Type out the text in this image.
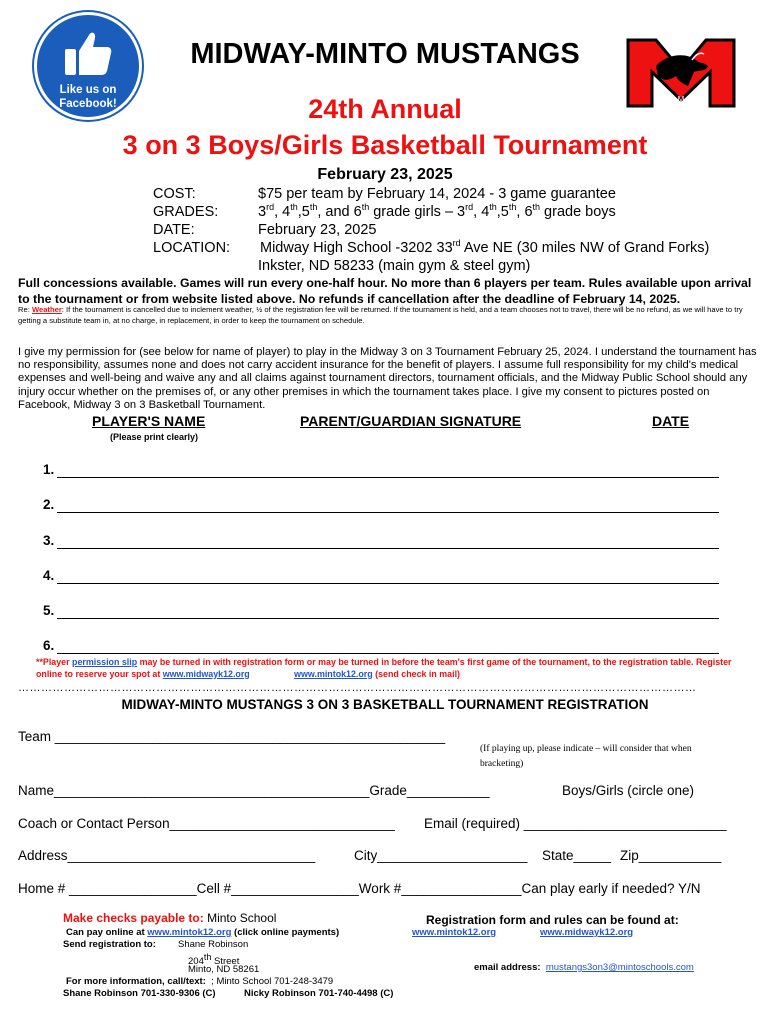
Like us on
Facebook!
MIDWAY-MINTO MUSTANGS
M
24th Annual
3 on 3 Boys/Girls Basketball Tournament
February 23, 2025
COST:	$75 per team by February 14, 2024 - 3 game guarantee
GRADES:	3rd, 4th,5th, and 6th grade girls – 3rd, 4th,5th, 6th grade boys
DATE:	February 23, 2025
LOCATION: Midway High School -3202 33rd Ave NE (30 miles NW of Grand Forks)
Inkster, ND 58233 (main gym & steel gym)
Full concessions available. Games will run every one-half hour. No more than 6 players per team. Rules available upon arrival to the tournament or from website listed above. No refunds if cancellation after the deadline of February 14, 2025.
Re: Weather: If the tournament is cancelled due to inclement weather, ½ of the registration fee will be returned. If the tournament is held, and a team chooses not to travel, there will be no refund, as we will have to try getting a substitute team in, at no charge, in replacement, in order to keep the tournament on schedule.
I give my permission for (see below for name of player) to play in the Midway 3 on 3 Tournament February 25, 2024. I understand the tournament has no responsibility, assumes none and does not carry accident insurance for the benefit of players. I assume full responsibility for my child's medical expenses and well-being and waive any and all claims against tournament directors, tournament officials, and the Midway Public School should any injury occur whether on the premises of, or any other premises in which the tournament takes place. I give my consent to pictures posted on Facebook, Midway 3 on 3 Basketball Tournament.
PLAYER'S NAME	PARENT/GUARDIAN SIGNATURE	DATE
(Please print clearly)
1.
2.
3.
4.
5.
6.
**Player permission slip may be turned in with registration form or may be turned in before the team's first game of the tournament, to the registration table. Register online to reserve your spot at www.midwayk12.org	www.mintok12.org (send check in mail)
……………………………………………………………………………………………………………………………………………………………
MIDWAY-MINTO MUSTANGS 3 ON 3 BASKETBALL TOURNAMENT REGISTRATION
Team ____________________________________________________
(If playing up, please indicate – will consider that when bracketing)
Name__________________________________________Grade___________	Boys/Girls (circle one)
Coach or Contact Person______________________________ Email (required) ___________________________
Address_________________________________	City____________________ State_____ Zip___________
Home # _________________Cell #_________________Work #________________Can play early if needed? Y/N
Make checks payable to: Minto School
Can pay online at www.mintok12.org (click online payments)
Send registration to: Shane Robinson
204th Street
Minto, ND 58261
For more information, call/text: ; Minto School 701-248-3479
Shane Robinson 701-330-9306 (C)	Nicky Robinson 701-740-4498 (C)
Registration form and rules can be found at:
www.mintok12.org	www.midwayk12.org
email address: mustangs3on3@mintoschools.com
